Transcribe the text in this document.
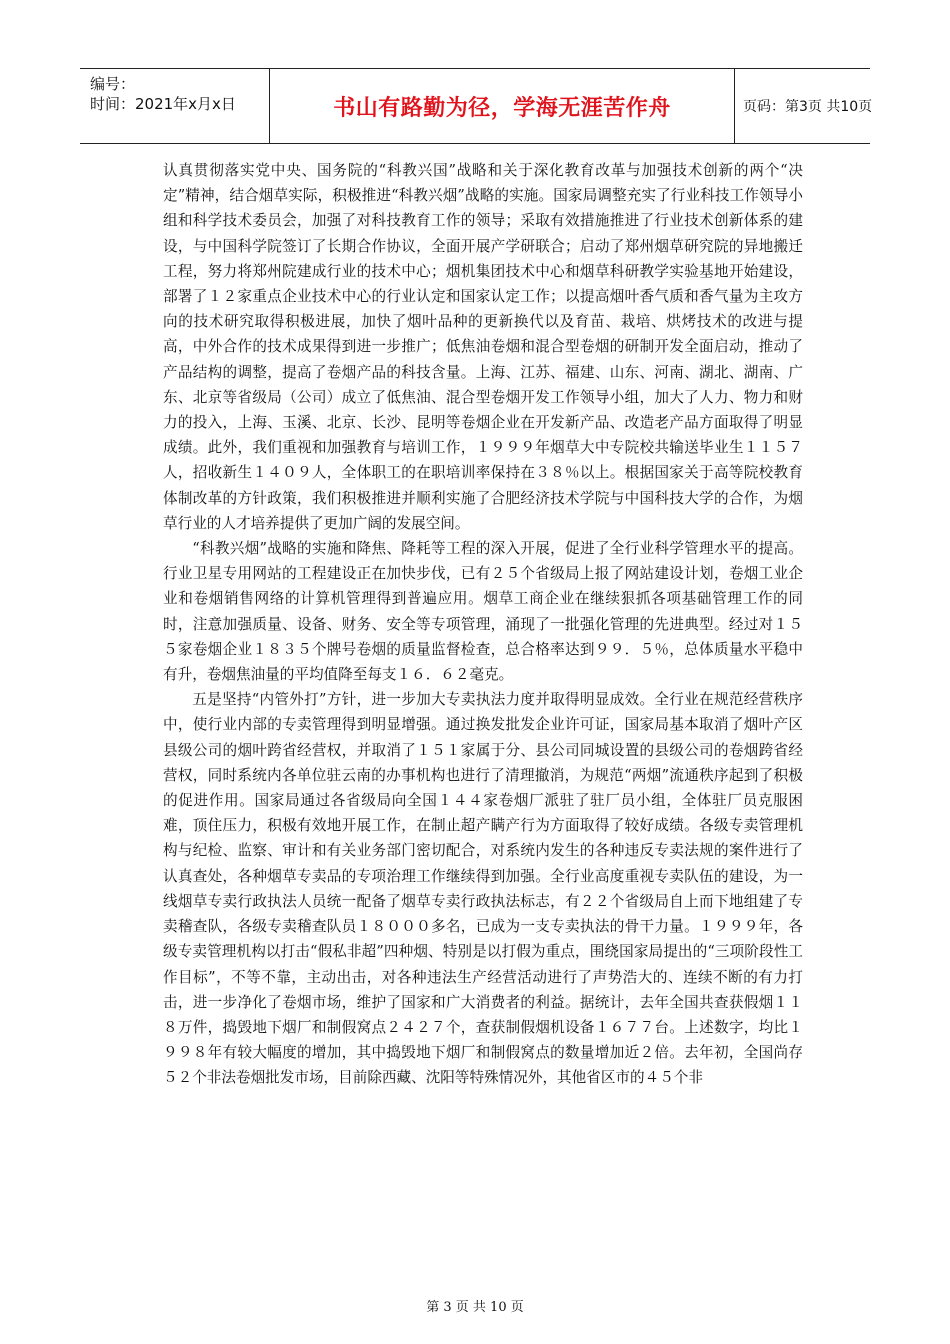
编号：
时间：2021年x月x日	书山有路勤为径，学海无涯苦作舟	页码：第3页 共10页

认真贯彻落实党中央、国务院的“科教兴国”战略和关于深化教育改革与加强技术创新的两个“决定”精神，结合烟草实际，积极推进“科教兴烟”战略的实施。国家局调整充实了行业科技工作领导小组和科学技术委员会，加强了对科技教育工作的领导；采取有效措施推进了行业技术创新体系的建设，与中国科学院签订了长期合作协议，全面开展产学研联合；启动了郑州烟草研究院的异地搬迁工程，努力将郑州院建成行业的技术中心；烟机集团技术中心和烟草科研教学实验基地开始建设，部署了１２家重点企业技术中心的行业认定和国家认定工作；以提高烟叶香气质和香气量为主攻方向的技术研究取得积极进展，加快了烟叶品种的更新换代以及育苗、栽培、烘烤技术的改进与提高，中外合作的技术成果得到进一步推广；低焦油卷烟和混合型卷烟的研制开发全面启动，推动了产品结构的调整，提高了卷烟产品的科技含量。上海、江苏、福建、山东、河南、湖北、湖南、广东、北京等省级局（公司）成立了低焦油、混合型卷烟开发工作领导小组，加大了人力、物力和财力的投入，上海、玉溪、北京、长沙、昆明等卷烟企业在开发新产品、改造老产品方面取得了明显成绩。此外，我们重视和加强教育与培训工作，１９９９年烟草大中专院校共输送毕业生１１５７人，招收新生１４０９人，全体职工的在职培训率保持在３８％以上。根据国家关于高等院校教育体制改革的方针政策，我们积极推进并顺利实施了合肥经济技术学院与中国科技大学的合作，为烟草行业的人才培养提供了更加广阔的发展空间。

“科教兴烟”战略的实施和降焦、降耗等工程的深入开展，促进了全行业科学管理水平的提高。行业卫星专用网站的工程建设正在加快步伐，已有２５个省级局上报了网站建设计划，卷烟工业企业和卷烟销售网络的计算机管理得到普遍应用。烟草工商企业在继续狠抓各项基础管理工作的同时，注意加强质量、设备、财务、安全等专项管理，涌现了一批强化管理的先进典型。经过对１５５家卷烟企业１８３５个牌号卷烟的质量监督检查，总合格率达到９９．５％，总体质量水平稳中有升，卷烟焦油量的平均值降至每支１６．６２毫克。

五是坚持“内管外打”方针，进一步加大专卖执法力度并取得明显成效。全行业在规范经营秩序中，使行业内部的专卖管理得到明显增强。通过换发批发企业许可证，国家局基本取消了烟叶产区县级公司的烟叶跨省经营权，并取消了１５１家属于分、县公司同城设置的县级公司的卷烟跨省经营权，同时系统内各单位驻云南的办事机构也进行了清理撤消，为规范“两烟”流通秩序起到了积极的促进作用。国家局通过各省级局向全国１４４家卷烟厂派驻了驻厂员小组，全体驻厂员克服困难，顶住压力，积极有效地开展工作，在制止超产瞒产行为方面取得了较好成绩。各级专卖管理机构与纪检、监察、审计和有关业务部门密切配合，对系统内发生的各种违反专卖法规的案件进行了认真查处，各种烟草专卖品的专项治理工作继续得到加强。全行业高度重视专卖队伍的建设，为一线烟草专卖行政执法人员统一配备了烟草专卖行政执法标志，有２２个省级局自上而下地组建了专卖稽查队，各级专卖稽查队员１８０００多名，已成为一支专卖执法的骨干力量。１９９９年，各级专卖管理机构以打击“假私非超”四种烟、特别是以打假为重点，围绕国家局提出的“三项阶段性工作目标”，不等不靠，主动出击，对各种违法生产经营活动进行了声势浩大的、连续不断的有力打击，进一步净化了卷烟市场，维护了国家和广大消费者的利益。据统计，去年全国共查获假烟１１８万件，捣毁地下烟厂和制假窝点２４２７个，查获制假烟机设备１６７７台。上述数字，均比１９９８年有较大幅度的增加，其中捣毁地下烟厂和制假窝点的数量增加近２倍。去年初，全国尚存５２个非法卷烟批发市场，目前除西藏、沈阳等特殊情况外，其他省区市的４５个非

第 3 页 共 10 页
